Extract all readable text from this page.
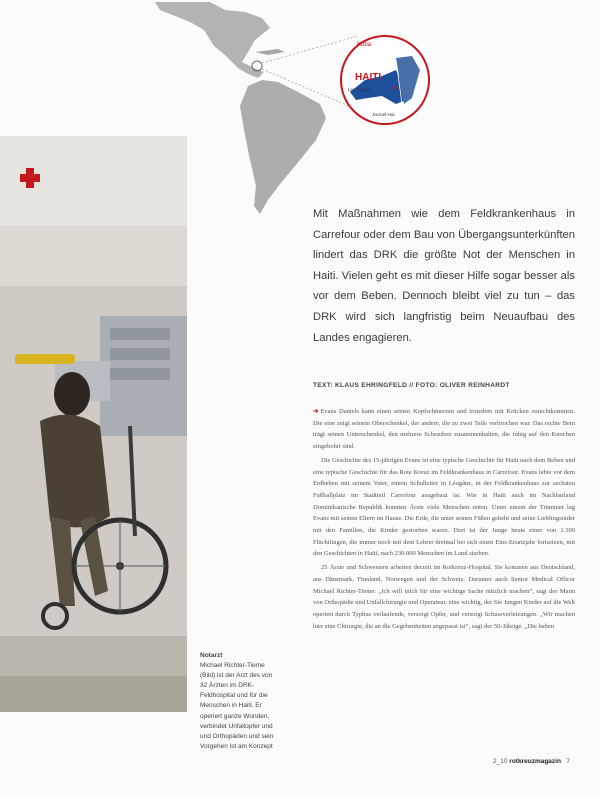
Kuba
HAITI
Les Nippes
Jacmel-Hai
Mit Maßnahmen wie dem Feldkrankenhaus in Carrefour oder dem Bau von Übergangsunterkünften lindert das DRK die größte Not der Menschen in Haiti. Vielen geht es mit dieser Hilfe sogar besser als vor dem Beben. Dennoch bleibt viel zu tun – das DRK wird sich langfristig beim Neuaufbau des Landes engagieren.
TEXT: KLAUS EHRINGFELD // FOTO: OLIVER REINHARDT

➔ Evans Daniels kann einen seinen Kopfschmerzen und trotzdem mit Krücken zurechtkommen. Die eine zeigt seinem Oberschenkel, der andere, die zu zwei Teile verbrochen war. Das rechte Bein trägt seinen Unterschenkel, den mehrere Schrauben zusammenhalten, die ruhig auf den Knochen eingebohrt sind.

Die Geschichte des 15-jährigen Evans ist eine typische Geschichte für Haiti nach dem Beben und eine typische Geschichte für das Rote Kreuz im Feldkrankenhaus in Carrefour. Evans lebte vor dem Erdbeben mit seinem Vater, einem Schulleiter in Léogâne, in der Feldkrankenhaus zur sechsten Fußballplatz im Stadtteil Carrefour ausgebaut ist. Wie in Haiti auch im Nachbarland Dominikanische Republik konnten Ärzte viele Menschen retten. Unter einem der Trümmer lag Evans mit seinen Eltern im Hause. Die Erde, die unter seinen Füßen gebebt und seine Lieblingsräder mit den Familien, die Kinder gestorben waren. Dort ist der Junge heute einer von 1.300 Flüchtlingen, die immer noch mit dem Lehrer dreimal bei sich einen Eins-Ersatzjahr fortsetzen, mit den Geschichten in Haiti, nach 230.000 Menschen im Land starben.

25 Ärzte und Schwestern arbeiten derzeit im Rotkreuz-Hospital. Sie kommen aus Deutschland, aus Dänemark, Finnland, Norwegen und der Schweiz. Darunter auch Senior Medical Officer Michael Richter-Tieme: „Ich will mich für eine wichtige Sache nützlich machen“, sagt der Mann von Orthopädie und Unfallchirurgie und Operateur, eine wichtig, der Sie Jungen Kinder auf die Welt operiert durch Typhus verlaufende, versorgt Opfer, und versorgt Schussverletzungen. „Wir machen hier eine Chirurgie, die an die Gegebenheiten angepasst ist“, sagt der 50-Jährige. „Die haben

Notarzt
Michael Richter-Tieme (Bild) ist der Arzt des von 32 Ärzten im DRK-Feldhospital und für die Menschen in Haiti. Er operiert ganze Wunden, verbindet Unfallopfer und und Orthopäden und sein Vorgehen ist am Konzept
2_10 rotkreuzmagazin 7
